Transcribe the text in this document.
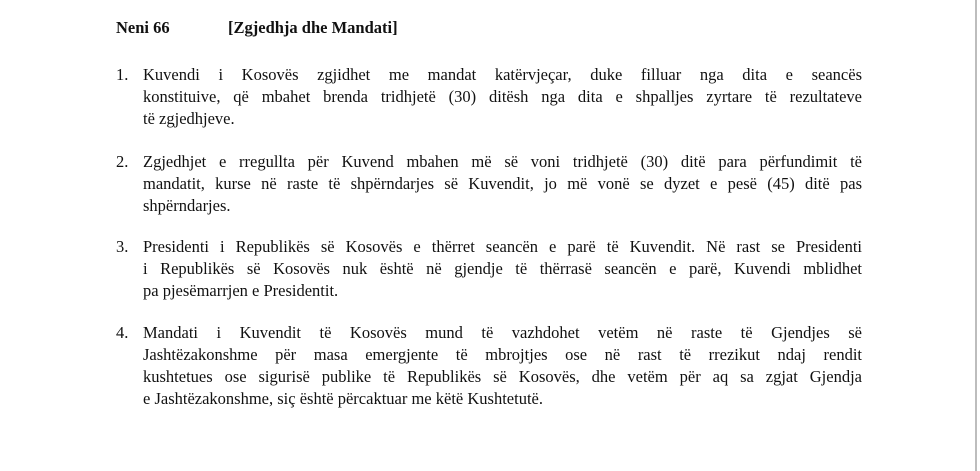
Neni 66	[Zgjedhja dhe Mandati]
1. Kuvendi i Kosovës zgjidhet me mandat katërvjeçar, duke filluar nga dita e seancës
konstituive, që mbahet brenda tridhjetë (30) ditësh nga dita e shpalljes zyrtare të rezultateve
të zgjedhjeve.
2. Zgjedhjet e rregullta për Kuvend mbahen më së voni tridhjetë (30) ditë para përfundimit të
mandatit, kurse në raste të shpërndarjes së Kuvendit, jo më vonë se dyzet e pesë (45) ditë pas
shpërndarjes.
3. Presidenti i Republikës së Kosovës e thërret seancën e parë të Kuvendit. Në rast se Presidenti
i Republikës së Kosovës nuk është në gjendje të thërrasë seancën e parë, Kuvendi mblidhet
pa pjesëmarrjen e Presidentit.
4. Mandati i Kuvendit të Kosovës mund të vazhdohet vetëm në raste të Gjendjes së
Jashtëzakonshme për masa emergjente të mbrojtjes ose në rast të rrezikut ndaj rendit
kushtetues ose sigurisë publike të Republikës së Kosovës, dhe vetëm për aq sa zgjat Gjendja
e Jashtëzakonshme, siç është përcaktuar me këtë Kushtetutë.
